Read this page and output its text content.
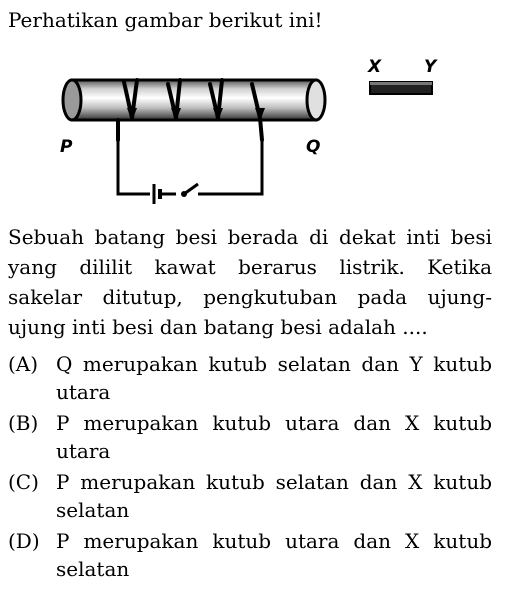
Perhatikan gambar berikut ini!
P	Q
X	Y
Sebuah batang besi berada di dekat inti besi yang dililit kawat berarus listrik. Ketika sakelar ditutup, pengkutuban pada ujung-ujung inti besi dan batang besi adalah ....
(A) Q merupakan kutub selatan dan Y kutub utara
(B) P merupakan kutub utara dan X kutub utara
(C) P merupakan kutub selatan dan X kutub selatan
(D) P merupakan kutub utara dan X kutub selatan
